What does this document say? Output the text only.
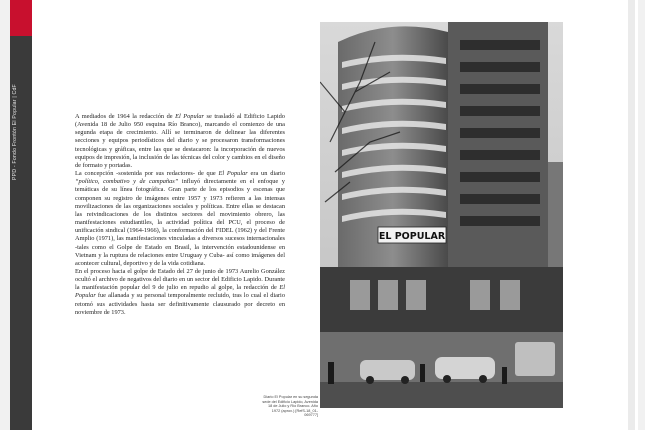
PPD - Fondo Frontón El Popular | CdF	A mediados de 1964 la redacción de El Popular se trasladó al Edificio Lapido (Avenida 18 de Julio 950 esquina Río Branco), marcando el comienzo de una segunda etapa de crecimiento. Allí se terminaron de delinear las diferentes secciones y equipos periodísticos del diario y se procesaron transformaciones tecnológicas y gráficas, entre las que se destacaron: la incorporación de nuevos equipos de impresión, la inclusión de las técnicas del color y cambios en el diseño de formato y portadas.

La concepción -sostenida por sus redactores- de que El Popular era un diario “político, combativo y de campañas” influyó directamente en el enfoque y temáticas de su línea fotográfica. Gran parte de los episodios y escenas que componen su registro de imágenes entre 1957 y 1973 refieren a las intensas movilizaciones de las organizaciones sociales y políticas. Entre ellas se destacan las reivindicaciones de los distintos sectores del movimiento obrero, las manifestaciones estudiantiles, la actividad política del PCU, el proceso de unificación sindical (1964-1966), la conformación del FIDEL (1962) y del Frente Amplio (1971), las manifestaciones vinculadas a diversos sucesos internacionales -tales como el Golpe de Estado en Brasil, la intervención estadounidense en Vietnam y la ruptura de relaciones entre Uruguay y Cuba- así como imágenes del acontecer cultural, deportivo y de la vida cotidiana.

En el proceso hacia el golpe de Estado del 27 de junio de 1973 Aurelio González ocultó el archivo de negativos del diario en un sector del Edificio Lapido. Durante la manifestación popular del 9 de julio en repudio al golpe, la redacción de El Popular fue allanada y su personal temporalmente recluido, tras lo cual el diario retomó sus actividades hasta ser definitivamente clausurado por decreto en noviembre de 1973.

EL POPULAR
Diario El Popular en su segunda sede del Edificio Lapido, Avenida 18 de Julio y Río Branco. Año 1972 (aprox.) [RefS-18_01-069777]
